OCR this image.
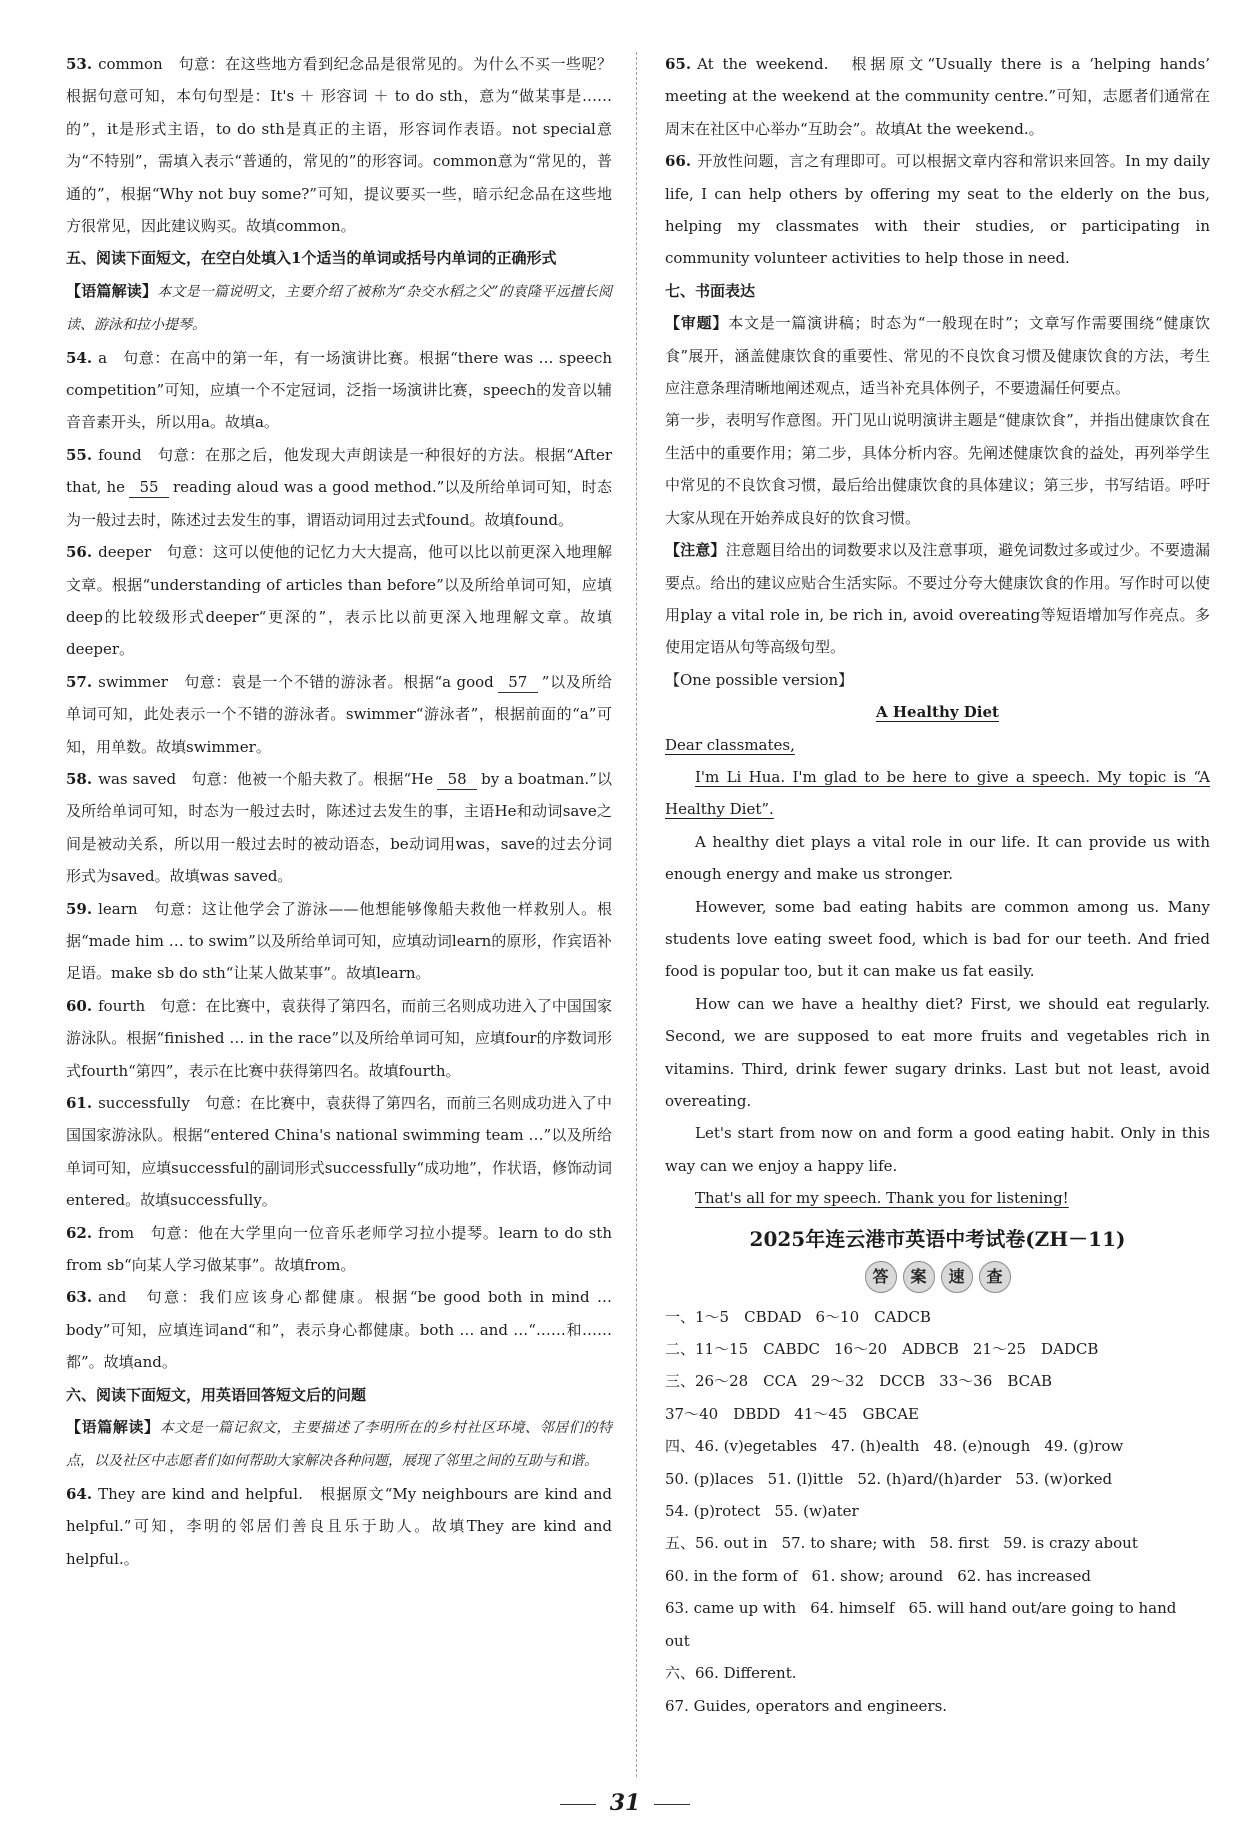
53. common　句意：在这些地方看到纪念品是很常见的。为什么不买一些呢？根据句意可知，本句句型是：It's ＋ 形容词 ＋ to do sth，意为“做某事是……的”，it是形式主语，to do sth是真正的主语，形容词作表语。not special意为“不特别”，需填入表示“普通的，常见的”的形容词。common意为“常见的，普通的”，根据“Why not buy some?”可知，提议要买一些，暗示纪念品在这些地方很常见，因此建议购买。故填common。

五、阅读下面短文，在空白处填入1个适当的单词或括号内单词的正确形式

【语篇解读】本文是一篇说明文，主要介绍了被称为“杂交水稻之父”的袁隆平远擅长阅读、游泳和拉小提琴。

54. a　句意：在高中的第一年，有一场演讲比赛。根据“there was … speech competition”可知，应填一个不定冠词，泛指一场演讲比赛，speech的发音以辅音音素开头，所以用a。故填a。

55. found　句意：在那之后，他发现大声朗读是一种很好的方法。根据“After that, he 55 reading aloud was a good method.”以及所给单词可知，时态为一般过去时，陈述过去发生的事，谓语动词用过去式found。故填found。

56. deeper　句意：这可以使他的记忆力大大提高，他可以比以前更深入地理解文章。根据“understanding of articles than before”以及所给单词可知，应填deep的比较级形式deeper“更深的”，表示比以前更深入地理解文章。故填deeper。

57. swimmer　句意：袁是一个不错的游泳者。根据“a good 57 ”以及所给单词可知，此处表示一个不错的游泳者。swimmer“游泳者”，根据前面的“a”可知，用单数。故填swimmer。

58. was saved　句意：他被一个船夫救了。根据“He 58 by a boatman.”以及所给单词可知，时态为一般过去时，陈述过去发生的事，主语He和动词save之间是被动关系，所以用一般过去时的被动语态，be动词用was，save的过去分词形式为saved。故填was saved。

59. learn　句意：这让他学会了游泳——他想能够像船夫救他一样救别人。根据“made him … to swim”以及所给单词可知，应填动词learn的原形，作宾语补足语。make sb do sth“让某人做某事”。故填learn。

60. fourth　句意：在比赛中，袁获得了第四名，而前三名则成功进入了中国国家游泳队。根据“finished … in the race”以及所给单词可知，应填four的序数词形式fourth“第四”，表示在比赛中获得第四名。故填fourth。

61. successfully　句意：在比赛中，袁获得了第四名，而前三名则成功进入了中国国家游泳队。根据“entered China's national swimming team …”以及所给单词可知，应填successful的副词形式successfully“成功地”，作状语，修饰动词entered。故填successfully。

62. from　句意：他在大学里向一位音乐老师学习拉小提琴。learn to do sth from sb“向某人学习做某事”。故填from。

63. and　句意：我们应该身心都健康。根据“be good both in mind … body”可知，应填连词and“和”，表示身心都健康。both … and …“……和……都”。故填and。

六、阅读下面短文，用英语回答短文后的问题

【语篇解读】本文是一篇记叙文，主要描述了李明所在的乡村社区环境、邻居们的特点，以及社区中志愿者们如何帮助大家解决各种问题，展现了邻里之间的互助与和谐。

64. They are kind and helpful.　根据原文“My neighbours are kind and helpful.”可知，李明的邻居们善良且乐于助人。故填They are kind and helpful.。

65. At the weekend.　根据原文“Usually there is a ‘helping hands’ meeting at the weekend at the community centre.”可知，志愿者们通常在周末在社区中心举办“互助会”。故填At the weekend.。

66. 开放性问题，言之有理即可。可以根据文章内容和常识来回答。In my daily life, I can help others by offering my seat to the elderly on the bus, helping my classmates with their studies, or participating in community volunteer activities to help those in need.

七、书面表达

【审题】本文是一篇演讲稿；时态为“一般现在时”；文章写作需要围绕“健康饮食”展开，涵盖健康饮食的重要性、常见的不良饮食习惯及健康饮食的方法，考生应注意条理清晰地阐述观点，适当补充具体例子，不要遗漏任何要点。

第一步，表明写作意图。开门见山说明演讲主题是“健康饮食”，并指出健康饮食在生活中的重要作用；第二步，具体分析内容。先阐述健康饮食的益处，再列举学生中常见的不良饮食习惯，最后给出健康饮食的具体建议；第三步，书写结语。呼吁大家从现在开始养成良好的饮食习惯。

【注意】注意题目给出的词数要求以及注意事项，避免词数过多或过少。不要遗漏要点。给出的建议应贴合生活实际。不要过分夸大健康饮食的作用。写作时可以使用play a vital role in, be rich in, avoid overeating等短语增加写作亮点。多使用定语从句等高级句型。

【One possible version】

A Healthy Diet

Dear classmates,

I'm Li Hua. I'm glad to be here to give a speech. My topic is “A Healthy Diet”.

A healthy diet plays a vital role in our life. It can provide us with enough energy and make us stronger.

However, some bad eating habits are common among us. Many students love eating sweet food, which is bad for our teeth. And fried food is popular too, but it can make us fat easily.

How can we have a healthy diet? First, we should eat regularly. Second, we are supposed to eat more fruits and vegetables rich in vitamins. Third, drink fewer sugary drinks. Last but not least, avoid overeating.

Let's start from now on and form a good eating habit. Only in this way can we enjoy a happy life.

That's all for my speech. Thank you for listening!

2025年连云港市英语中考试卷(ZH－11)
答 案 速 查

一、1～5　CBDAD 6～10　CADCB

二、11～15　CABDC 16～20　ADBCB 21～25　DADCB

三、26～28　CCA 29～32　DCCB 33～36　BCAB

37～40　DBDD 41～45　GBCAE

四、46. (v)egetables 47. (h)ealth 48. (e)nough 49. (g)row

50. (p)laces 51. (l)ittle 52. (h)ard/(h)arder 53. (w)orked

54. (p)rotect 55. (w)ater

五、56. out in 57. to share; with 58. first 59. is crazy about

60. in the form of 61. show; around 62. has increased

63. came up with 64. himself 65. will hand out/are going to hand out

六、66. Different.

67. Guides, operators and engineers.

31
